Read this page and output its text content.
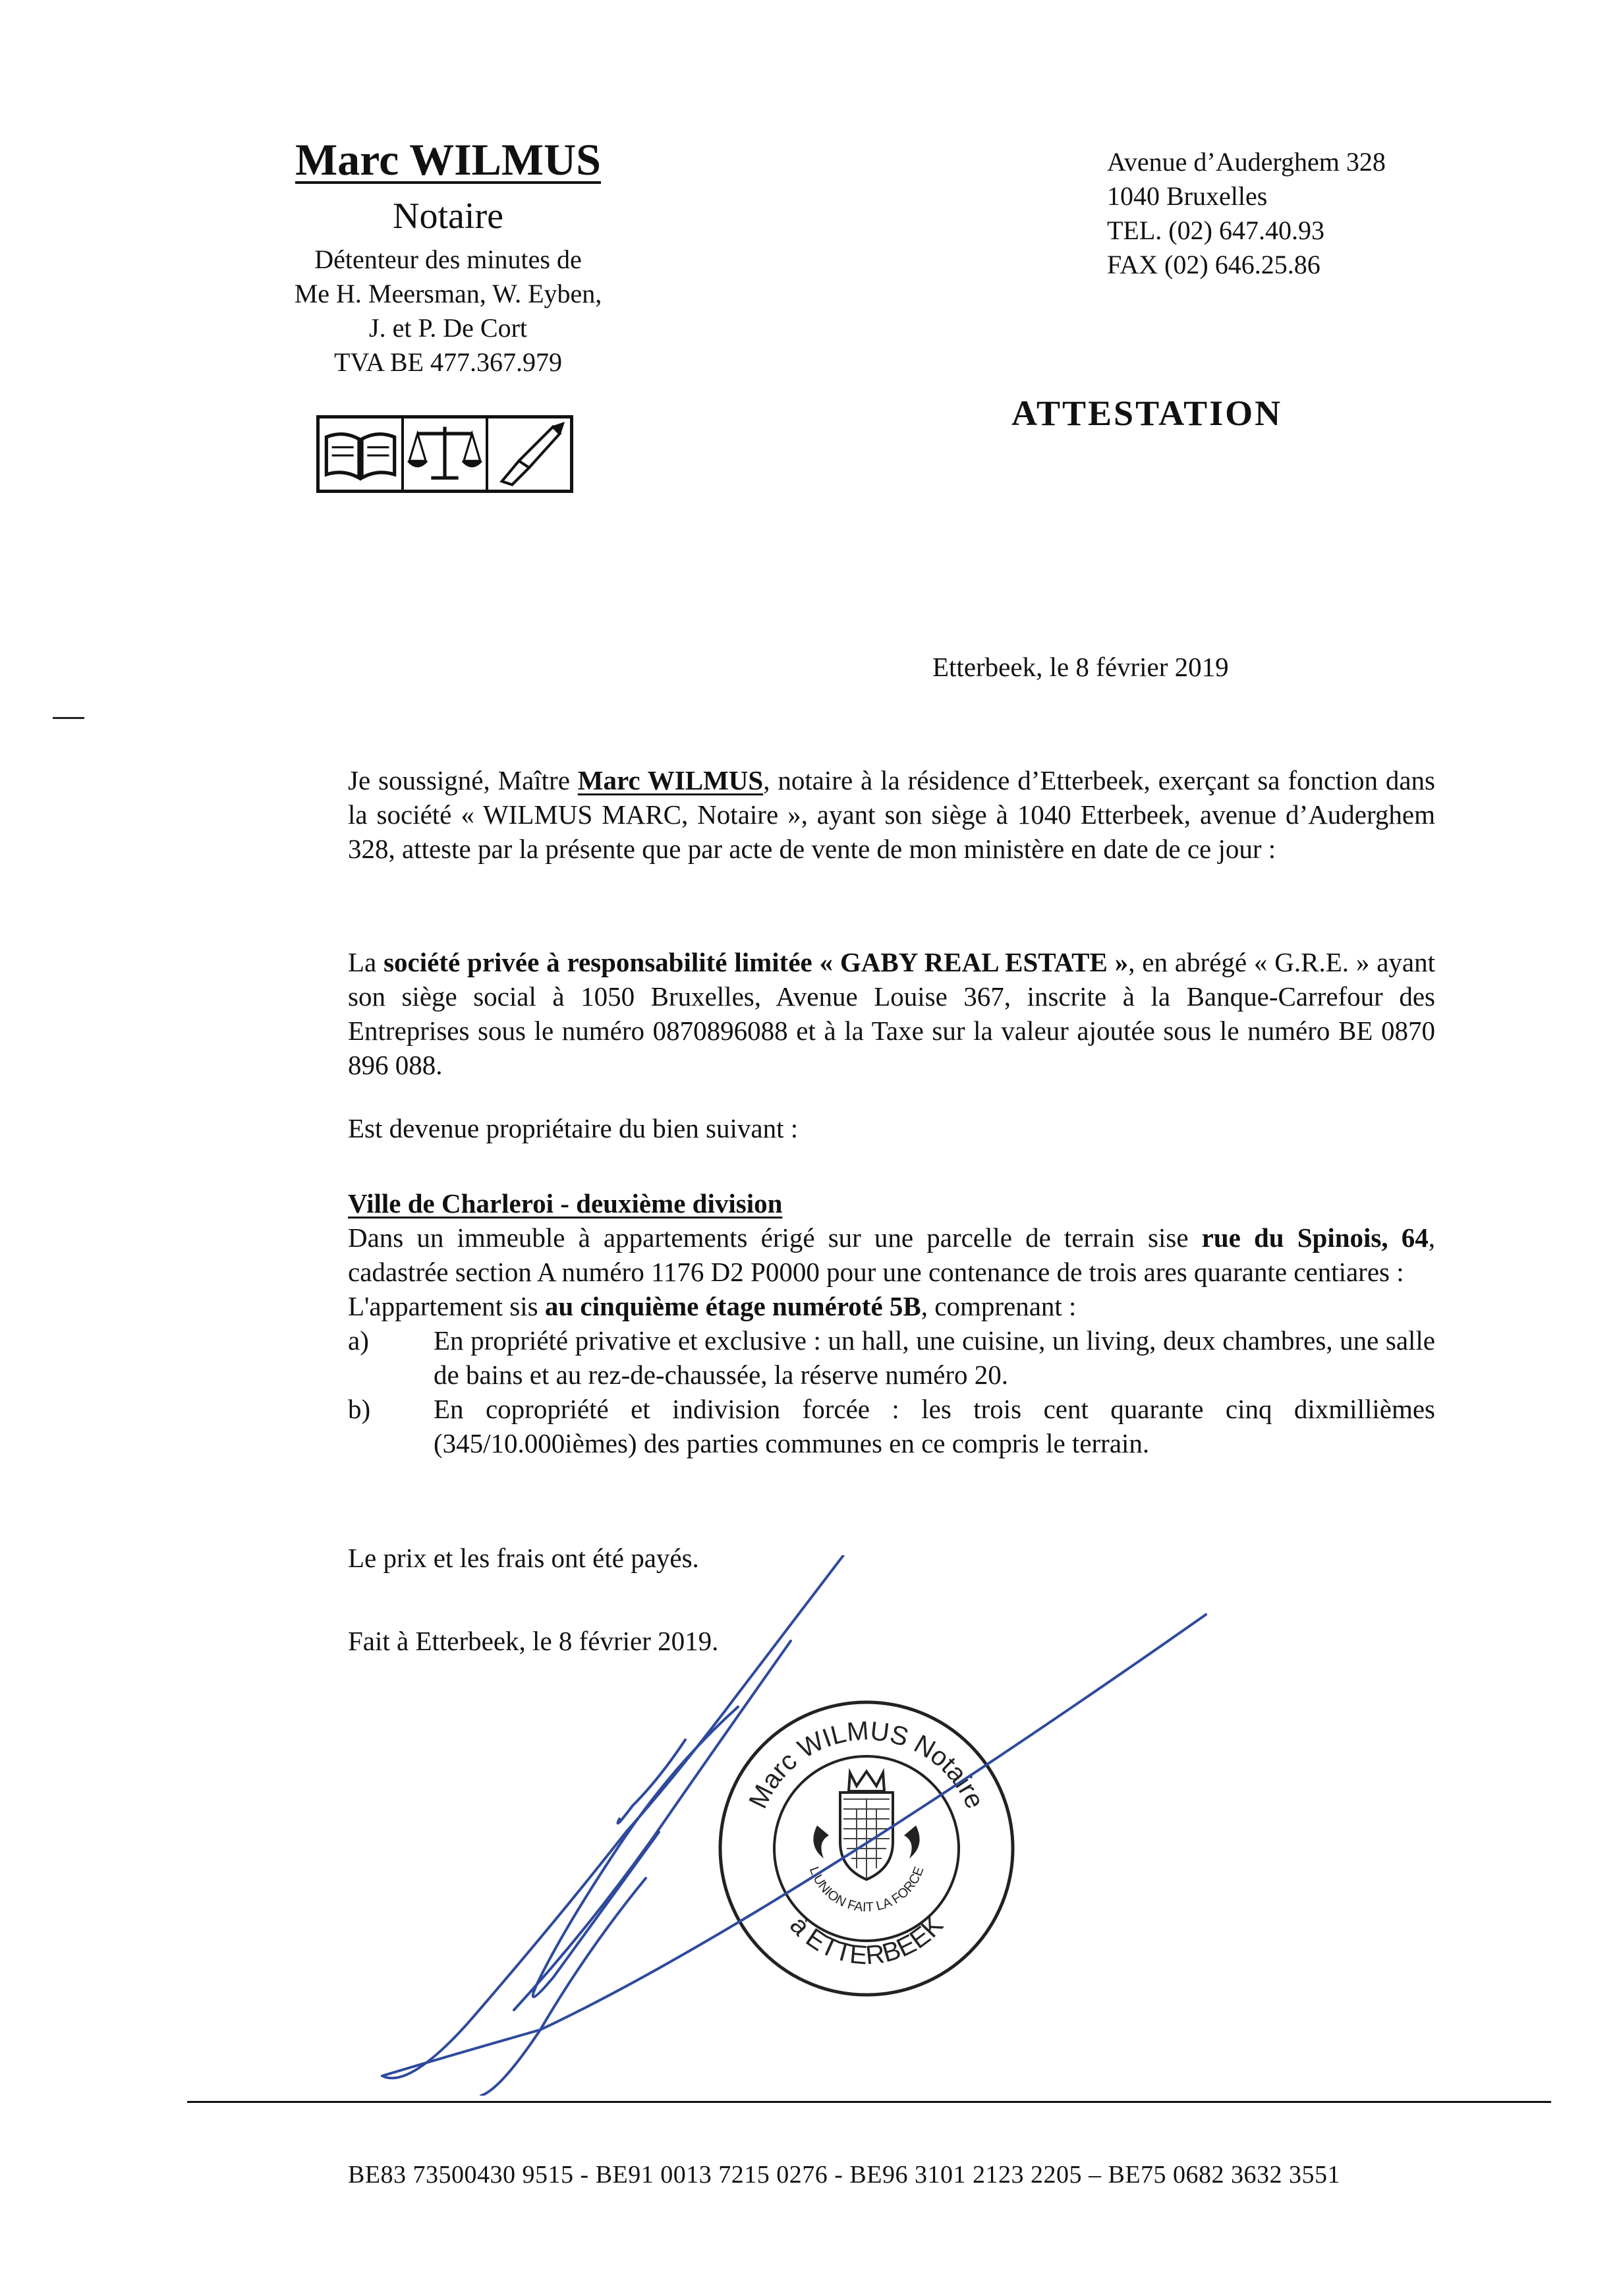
Marc WILMUS
Notaire
Détenteur des minutes de
Me H. Meersman, W. Eyben,
J. et P. De Cort
TVA BE 477.367.979
Avenue d’Auderghem 328
1040 Bruxelles
TEL. (02) 647.40.93
FAX (02) 646.25.86
ATTESTATION
Etterbeek, le 8 février 2019
Je soussigné, Maître Marc WILMUS, notaire à la résidence d’Etterbeek, exerçant sa fonction dans la société « WILMUS MARC, Notaire », ayant son siège à 1040 Etterbeek, avenue d’Auderghem 328, atteste par la présente que par acte de vente de mon ministère en date de ce jour :
La société privée à responsabilité limitée « GABY REAL ESTATE », en abrégé « G.R.E. » ayant son siège social à 1050 Bruxelles, Avenue Louise 367, inscrite à la Banque-Carrefour des Entreprises sous le numéro 0870896088 et à la Taxe sur la valeur ajoutée sous le numéro BE 0870 896 088.
Est devenue propriétaire du bien suivant :
Ville de Charleroi - deuxième division
Dans un immeuble à appartements érigé sur une parcelle de terrain sise rue du Spinois, 64, cadastrée section A numéro 1176 D2 P0000 pour une contenance de trois ares quarante centiares :
L'appartement sis au cinquième étage numéroté 5B, comprenant :
a)	En propriété privative et exclusive : un hall, une cuisine, un living, deux chambres, une salle de bains et au rez-de-chaussée, la réserve numéro 20.
b)	En copropriété et indivision forcée : les trois cent quarante cinq dixmillièmes (345/10.000ièmes) des parties communes en ce compris le terrain.
Le prix et les frais ont été payés.
Fait à Etterbeek, le 8 février 2019.
Marc WILMUS Notaire
à ETTERBEEK
L'UNION FAIT LA FORCE
BE83 73500430 9515 - BE91 0013 7215 0276 - BE96 3101 2123 2205 – BE75 0682 3632 3551
